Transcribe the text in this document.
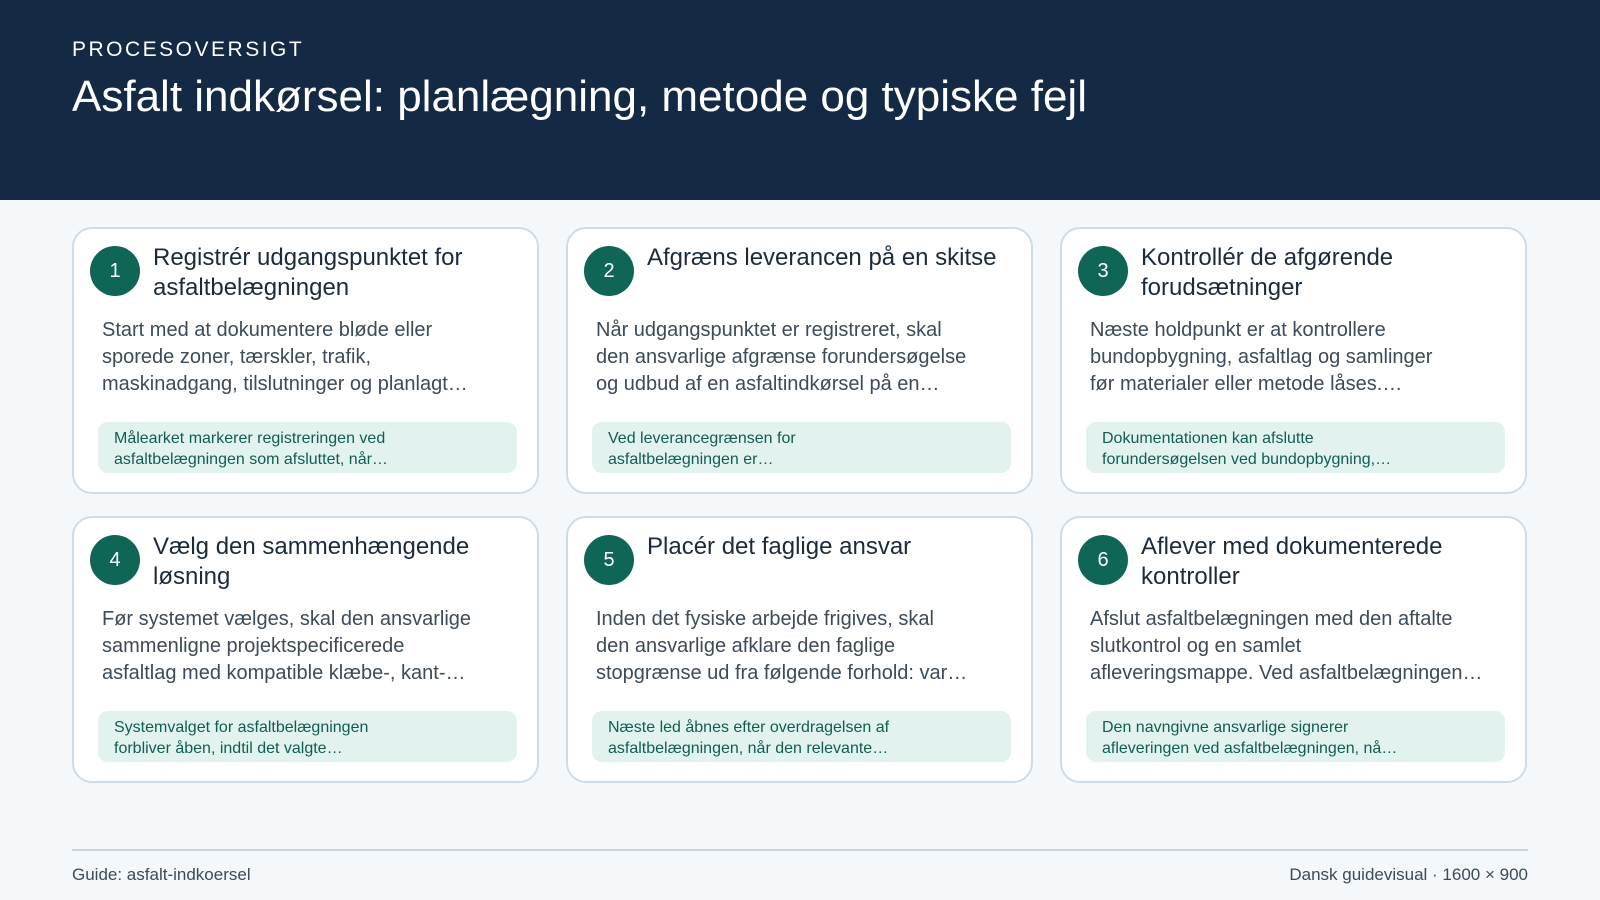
PROCESOVERSIGT
Asfalt indkørsel: planlægning, metode og typiske fejl
1	Registrér udgangspunktet for asfaltbelægningen
Start med at dokumentere bløde eller
sporede zoner, tærskler, trafik,
maskinadgang, tilslutninger og planlagt…
Målearket markerer registreringen ved
asfaltbelægningen som afsluttet, når…
2	Afgræns leverancen på en skitse
Når udgangspunktet er registreret, skal
den ansvarlige afgrænse forundersøgelse
og udbud af en asfaltindkørsel på en…
Ved leverancegrænsen for
asfaltbelægningen er…
3	Kontrollér de afgørende forudsætninger
Næste holdpunkt er at kontrollere
bundopbygning, asfaltlag og samlinger
før materialer eller metode låses.…
Dokumentationen kan afslutte
forundersøgelsen ved bundopbygning,…
4	Vælg den sammenhængende løsning
Før systemet vælges, skal den ansvarlige
sammenligne projektspecificerede
asfaltlag med kompatible klæbe-, kant-…
Systemvalget for asfaltbelægningen
forbliver åben, indtil det valgte…
5	Placér det faglige ansvar
Inden det fysiske arbejde frigives, skal
den ansvarlige afklare den faglige
stopgrænse ud fra følgende forhold: var…
Næste led åbnes efter overdragelsen af
asfaltbelægningen, når den relevante…
6	Aflever med dokumenterede kontroller
Afslut asfaltbelægningen med den aftalte
slutkontrol og en samlet
afleveringsmappe. Ved asfaltbelægningen…
Den navngivne ansvarlige signerer
afleveringen ved asfaltbelægningen, nå…
Guide: asfalt-indkoersel	Dansk guidevisual · 1600 × 900
